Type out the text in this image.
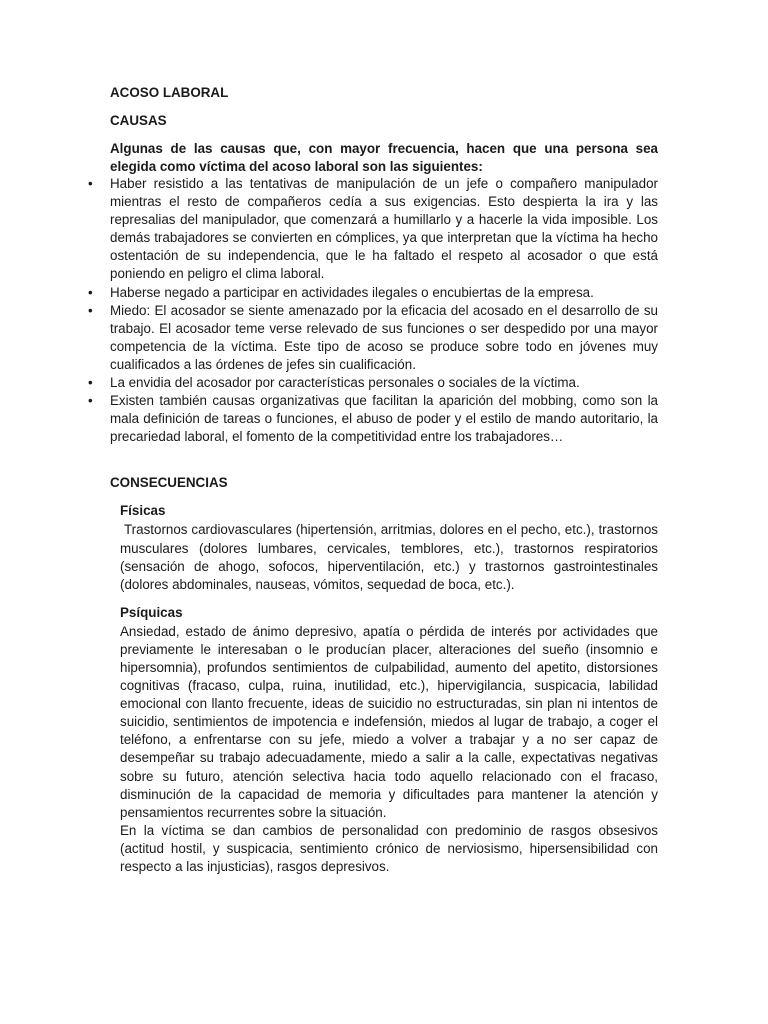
ACOSO LABORAL

CAUSAS

Algunas de las causas que, con mayor frecuencia, hacen que una persona sea elegida como víctima del acoso laboral son las siguientes:

• Haber resistido a las tentativas de manipulación de un jefe o compañero manipulador mientras el resto de compañeros cedía a sus exigencias. Esto despierta la ira y las represalias del manipulador, que comenzará a humillarlo y a hacerle la vida imposible. Los demás trabajadores se convierten en cómplices, ya que interpretan que la víctima ha hecho ostentación de su independencia, que le ha faltado el respeto al acosador o que está poniendo en peligro el clima laboral.
• Haberse negado a participar en actividades ilegales o encubiertas de la empresa.
• Miedo: El acosador se siente amenazado por la eficacia del acosado en el desarrollo de su trabajo. El acosador teme verse relevado de sus funciones o ser despedido por una mayor competencia de la víctima. Este tipo de acoso se produce sobre todo en jóvenes muy cualificados a las órdenes de jefes sin cualificación.
• La envidia del acosador por características personales o sociales de la víctima.
• Existen también causas organizativas que facilitan la aparición del mobbing, como son la mala definición de tareas o funciones, el abuso de poder y el estilo de mando autoritario, la precariedad laboral, el fomento de la competitividad entre los trabajadores…

CONSECUENCIAS

Físicas

Trastornos cardiovasculares (hipertensión, arritmias, dolores en el pecho, etc.), trastornos musculares (dolores lumbares, cervicales, temblores, etc.), trastornos respiratorios (sensación de ahogo, sofocos, hiperventilación, etc.) y trastornos gastrointestinales (dolores abdominales, nauseas, vómitos, sequedad de boca, etc.).

Psíquicas

Ansiedad, estado de ánimo depresivo, apatía o pérdida de interés por actividades que previamente le interesaban o le producían placer, alteraciones del sueño (insomnio e hipersomnia), profundos sentimientos de culpabilidad, aumento del apetito, distorsiones cognitivas (fracaso, culpa, ruina, inutilidad, etc.), hipervigilancia, suspicacia, labilidad emocional con llanto frecuente, ideas de suicidio no estructuradas, sin plan ni intentos de suicidio, sentimientos de impotencia e indefensión, miedos al lugar de trabajo, a coger el teléfono, a enfrentarse con su jefe, miedo a volver a trabajar y a no ser capaz de desempeñar su trabajo adecuadamente, miedo a salir a la calle, expectativas negativas sobre su futuro, atención selectiva hacia todo aquello relacionado con el fracaso, disminución de la capacidad de memoria y dificultades para mantener la atención y pensamientos recurrentes sobre la situación.

En la víctima se dan cambios de personalidad con predominio de rasgos obsesivos (actitud hostil, y suspicacia, sentimiento crónico de nerviosismo, hipersensibilidad con respecto a las injusticias), rasgos depresivos.
